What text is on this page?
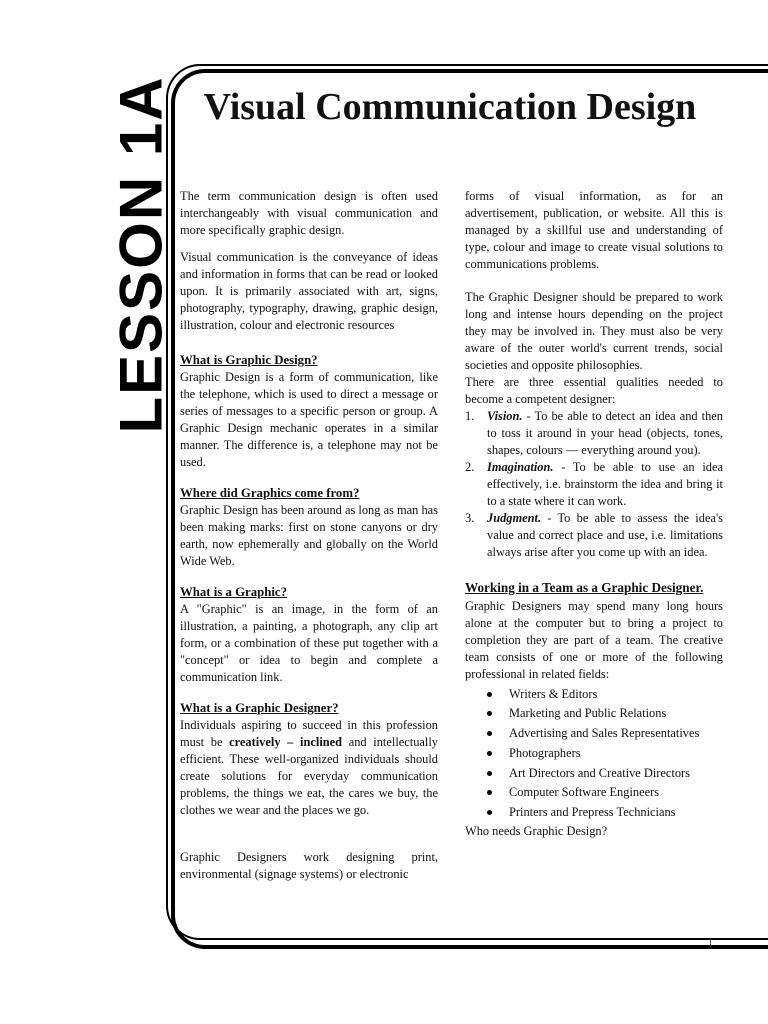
LESSON 1A Visual Communication Design

The term communication design is often used interchangeably with visual communication and more specifically graphic design.

Visual communication is the conveyance of ideas and information in forms that can be read or looked upon. It is primarily associated with art, signs, photography, typography, drawing, graphic design, illustration, colour and electronic resources

What is Graphic Design?

Graphic Design is a form of communication, like the telephone, which is used to direct a message or series of messages to a specific person or group. A Graphic Design mechanic operates in a similar manner. The difference is, a telephone may not be used.

Where did Graphics come from?

Graphic Design has been around as long as man has been making marks: first on stone canyons or dry earth, now ephemerally and globally on the World Wide Web.

What is a Graphic?

A "Graphic" is an image, in the form of an illustration, a painting, a photograph, any clip art form, or a combination of these put together with a "concept" or idea to begin and complete a communication link.

What is a Graphic Designer?

Individuals aspiring to succeed in this profession must be creatively – inclined and intellectually efficient. These well-organized individuals should create solutions for everyday communication problems, the things we eat, the cares we buy, the clothes we wear and the places we go.

Graphic Designers work designing print, environmental (signage systems) or electronic

forms of visual information, as for an advertisement, publication, or website. All this is managed by a skillful use and understanding of type, colour and image to create visual solutions to communications problems.

The Graphic Designer should be prepared to work long and intense hours depending on the project they may be involved in. They must also be very aware of the outer world's current trends, social societies and opposite philosophies.

There are three essential qualities needed to become a competent designer:

1. Vision. - To be able to detect an idea and then to toss it around in your head (objects, tones, shapes, colours — everything around you).
2. Imagination. - To be able to use an idea effectively, i.e. brainstorm the idea and bring it to a state where it can work.
3. Judgment. - To be able to assess the idea's value and correct place and use, i.e. limitations always arise after you come up with an idea.
Working in a Team as a Graphic Designer.

Graphic Designers may spend many long hours alone at the computer but to bring a project to completion they are part of a team. The creative team consists of one or more of the following professional in related fields:

Writers & Editors
Marketing and Public Relations
Advertising and Sales Representatives
Photographers
Art Directors and Creative Directors
Computer Software Engineers
Printers and Prepress Technicians

Who needs Graphic Design?

1
